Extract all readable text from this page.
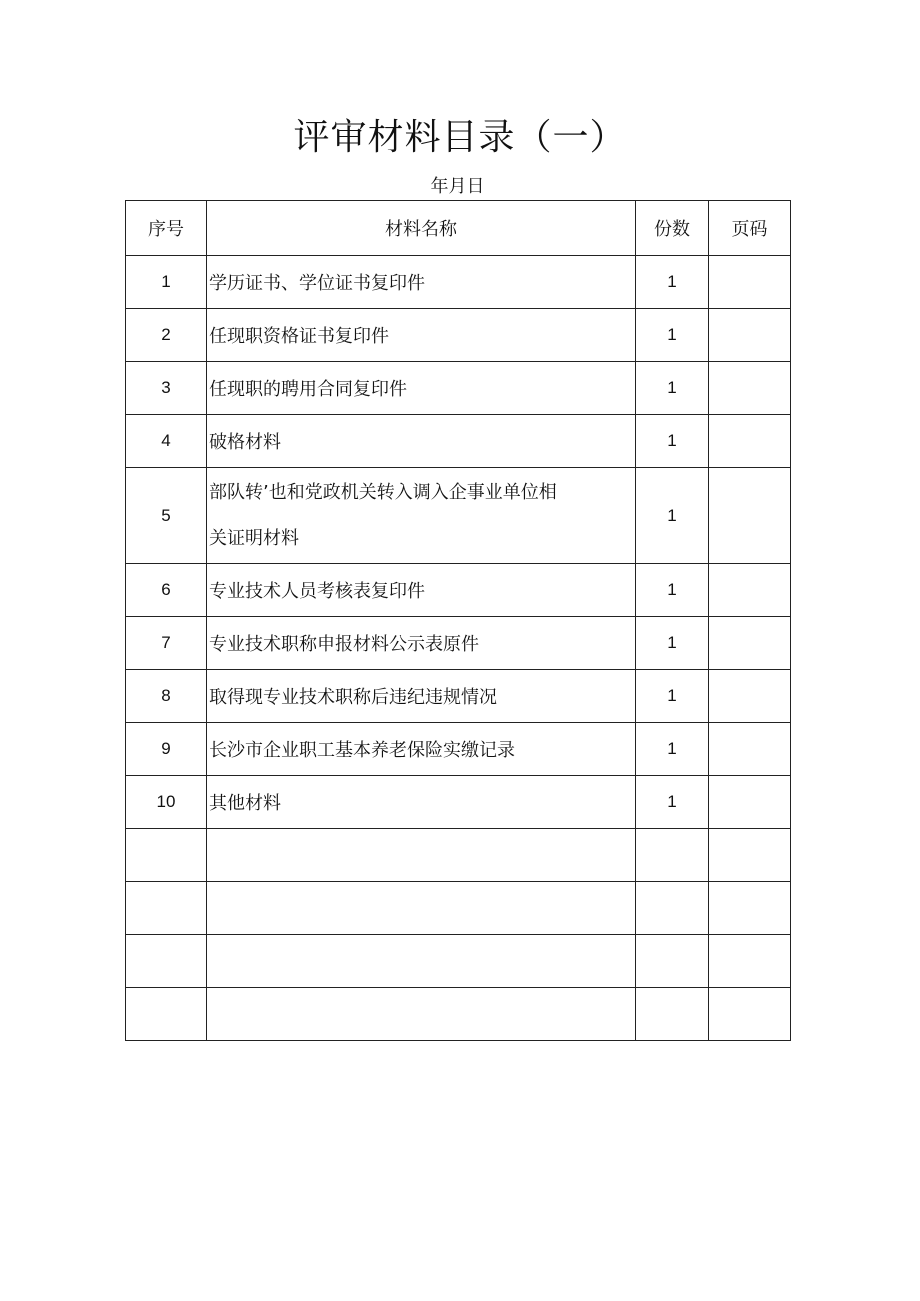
评审材料目录（一）
年月日
序号	材料名称	份数	页码
1	学历证书、学位证书复印件	1	
2	任现职资格证书复印件	1	
3	任现职的聘用合同复印件	1	
4	破格材料	1	
5	部队转’也和党政机关转入调入企事业单位相
关证明材料	1	
6	专业技术人员考核表复印件	1	
7	专业技术职称申报材料公示表原件	1	
8	取得现专业技术职称后违纪违规情况	1	
9	长沙市企业职工基本养老保险实缴记录	1	
10	其他材料	1	
